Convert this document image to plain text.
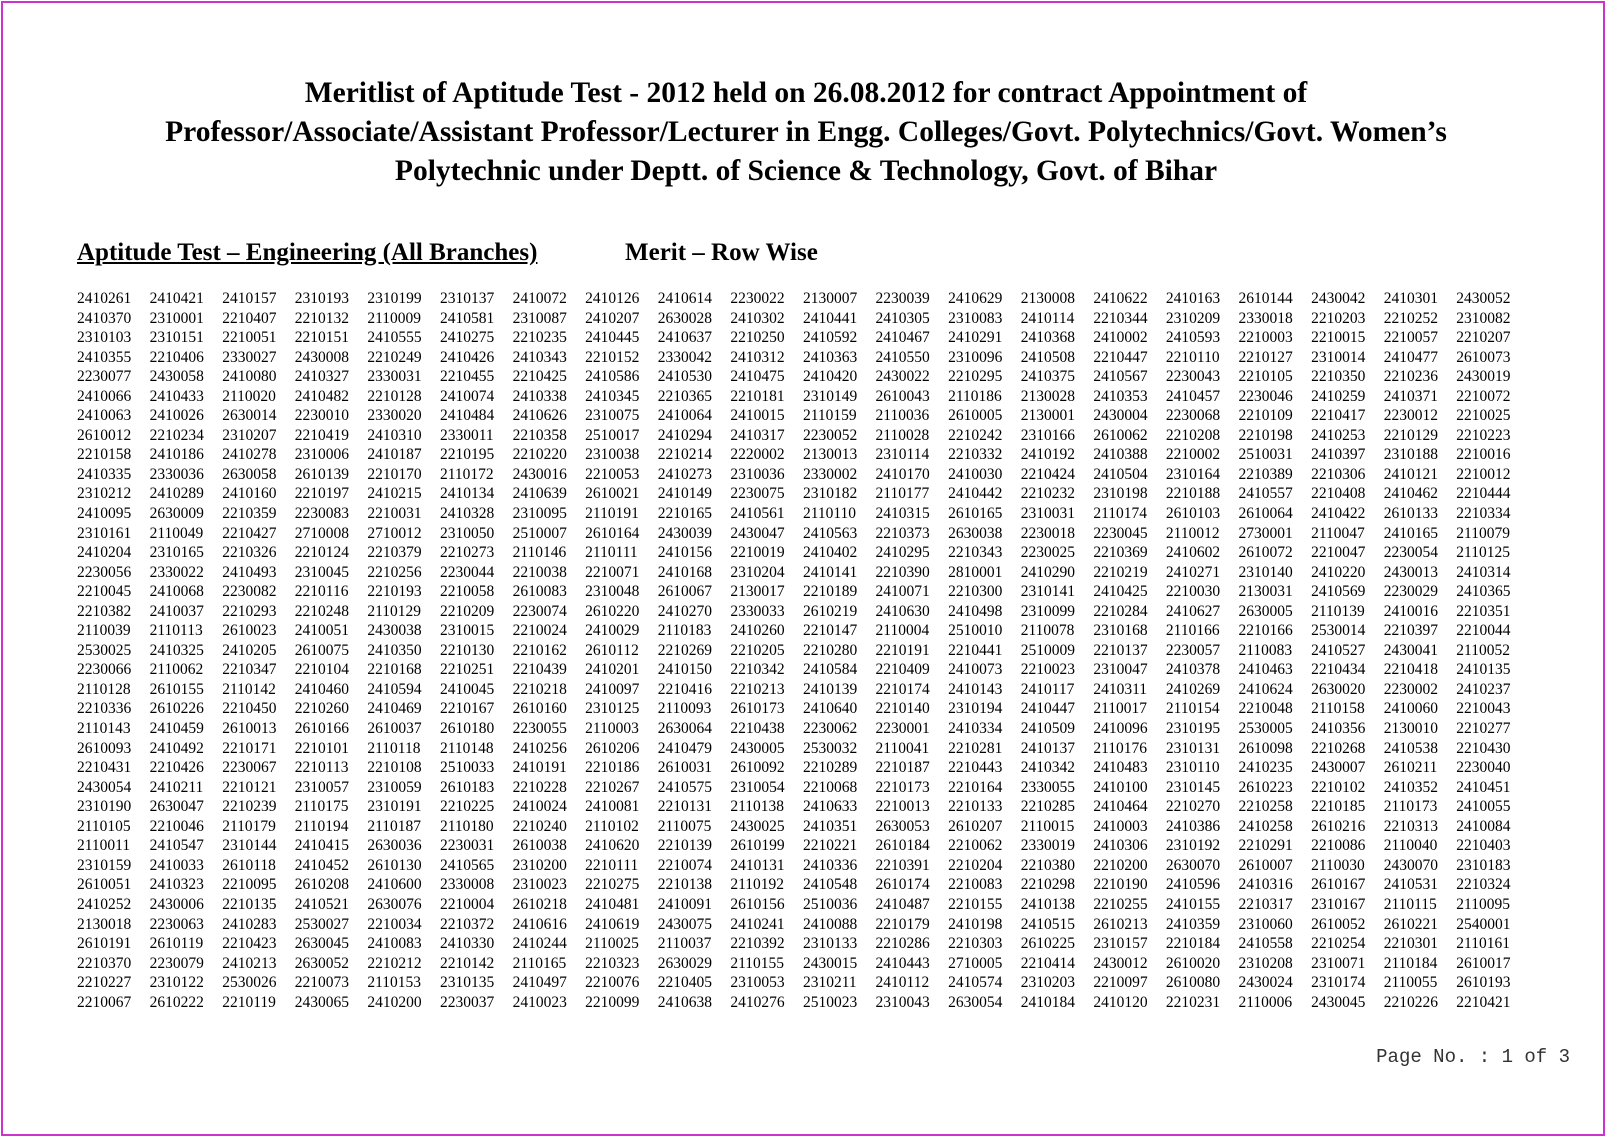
Meritlist of Aptitude Test - 2012 held on 26.08.2012 for contract Appointment of
Professor/Associate/Assistant Professor/Lecturer in Engg. Colleges/Govt. Polytechnics/Govt. Women’s
Polytechnic under Deptt. of Science & Technology, Govt. of Bihar
Aptitude Test – Engineering (All Branches)	Merit – Row Wise
2410261	2410421	2410157	2310193	2310199	2310137	2410072	2410126	2410614	2230022	2130007	2230039	2410629	2130008	2410622	2410163	2610144	2430042	2410301	2430052
2410370	2310001	2210407	2210132	2110009	2410581	2310087	2410207	2630028	2410302	2410441	2410305	2310083	2410114	2210344	2310209	2330018	2210203	2210252	2310082
2310103	2310151	2210051	2210151	2410555	2410275	2210235	2410445	2410637	2210250	2410592	2410467	2410291	2410368	2410002	2410593	2210003	2210015	2210057	2210207
2410355	2210406	2330027	2430008	2210249	2410426	2410343	2210152	2330042	2410312	2410363	2410550	2310096	2410508	2210447	2210110	2210127	2310014	2410477	2610073
2230077	2430058	2410080	2410327	2330031	2210455	2210425	2410586	2410530	2410475	2410420	2430022	2210295	2410375	2410567	2230043	2210105	2210350	2210236	2430019
2410066	2410433	2110020	2410482	2210128	2410074	2410338	2410345	2210365	2210181	2310149	2610043	2110186	2130028	2410353	2410457	2230046	2410259	2410371	2210072
2410063	2410026	2630014	2230010	2330020	2410484	2410626	2310075	2410064	2410015	2110159	2110036	2610005	2130001	2430004	2230068	2210109	2210417	2230012	2210025
2610012	2210234	2310207	2210419	2410310	2330011	2210358	2510017	2410294	2410317	2230052	2110028	2210242	2310166	2610062	2210208	2210198	2410253	2210129	2210223
2210158	2410186	2410278	2310006	2410187	2210195	2210220	2310038	2210214	2220002	2130013	2310114	2210332	2410192	2410388	2210002	2510031	2410397	2310188	2210016
2410335	2330036	2630058	2610139	2210170	2110172	2430016	2210053	2410273	2310036	2330002	2410170	2410030	2210424	2410504	2310164	2210389	2210306	2410121	2210012
2310212	2410289	2410160	2210197	2410215	2410134	2410639	2610021	2410149	2230075	2310182	2110177	2410442	2210232	2310198	2210188	2410557	2210408	2410462	2210444
2410095	2630009	2210359	2230083	2210031	2410328	2310095	2110191	2210165	2410561	2110110	2410315	2610165	2310031	2110174	2610103	2610064	2410422	2610133	2210334
2310161	2110049	2210427	2710008	2710012	2310050	2510007	2610164	2430039	2430047	2410563	2210373	2630038	2230018	2230045	2110012	2730001	2110047	2410165	2110079
2410204	2310165	2210326	2210124	2210379	2210273	2110146	2110111	2410156	2210019	2410402	2410295	2210343	2230025	2210369	2410602	2610072	2210047	2230054	2110125
2230056	2330022	2410493	2310045	2210256	2230044	2210038	2210071	2410168	2310204	2410141	2210390	2810001	2410290	2210219	2410271	2310140	2410220	2430013	2410314
2210045	2410068	2230082	2210116	2210193	2210058	2610083	2310048	2610067	2130017	2210189	2410071	2210300	2310141	2410425	2210030	2130031	2410569	2230029	2410365
2210382	2410037	2210293	2210248	2110129	2210209	2230074	2610220	2410270	2330033	2610219	2410630	2410498	2310099	2210284	2410627	2630005	2110139	2410016	2210351
2110039	2110113	2610023	2410051	2430038	2310015	2210024	2410029	2110183	2410260	2210147	2110004	2510010	2110078	2310168	2110166	2210166	2530014	2210397	2210044
2530025	2410325	2410205	2610075	2410350	2210130	2210162	2610112	2210269	2210205	2210280	2210191	2210441	2510009	2210137	2230057	2110083	2410527	2430041	2110052
2230066	2110062	2210347	2210104	2210168	2210251	2210439	2410201	2410150	2210342	2410584	2210409	2410073	2210023	2310047	2410378	2410463	2210434	2210418	2410135
2110128	2610155	2110142	2410460	2410594	2410045	2210218	2410097	2210416	2210213	2410139	2210174	2410143	2410117	2410311	2410269	2410624	2630020	2230002	2410237
2210336	2610226	2210450	2210260	2410469	2210167	2610160	2310125	2110093	2610173	2410640	2210140	2310194	2410447	2110017	2110154	2210048	2110158	2410060	2210043
2110143	2410459	2610013	2610166	2610037	2610180	2230055	2110003	2630064	2210438	2230062	2230001	2410334	2410509	2410096	2310195	2530005	2410356	2130010	2210277
2610093	2410492	2210171	2210101	2110118	2110148	2410256	2610206	2410479	2430005	2530032	2110041	2210281	2410137	2110176	2310131	2610098	2210268	2410538	2210430
2210431	2210426	2230067	2210113	2210108	2510033	2410191	2210186	2610031	2610092	2210289	2210187	2210443	2410342	2410483	2310110	2410235	2430007	2610211	2230040
2430054	2410211	2210121	2310057	2310059	2610183	2210228	2210267	2410575	2310054	2210068	2210173	2210164	2330055	2410100	2310145	2610223	2210102	2410352	2410451
2310190	2630047	2210239	2110175	2310191	2210225	2410024	2410081	2210131	2110138	2410633	2210013	2210133	2210285	2410464	2210270	2210258	2210185	2110173	2410055
2110105	2210046	2110179	2110194	2110187	2110180	2210240	2110102	2110075	2430025	2410351	2630053	2610207	2110015	2410003	2410386	2410258	2610216	2210313	2410084
2110011	2410547	2310144	2410415	2630036	2230031	2610038	2410620	2210139	2610199	2210221	2610184	2210062	2330019	2410306	2310192	2210291	2210086	2110040	2210403
2310159	2410033	2610118	2410452	2610130	2410565	2310200	2210111	2210074	2410131	2410336	2210391	2210204	2210380	2210200	2630070	2610007	2110030	2430070	2310183
2610051	2410323	2210095	2610208	2410600	2330008	2310023	2210275	2210138	2110192	2410548	2610174	2210083	2210298	2210190	2410596	2410316	2610167	2410531	2210324
2410252	2430006	2210135	2410521	2630076	2210004	2610218	2410481	2410091	2610156	2510036	2410487	2210155	2410138	2210255	2410155	2210317	2310167	2110115	2110095
2130018	2230063	2410283	2530027	2210034	2210372	2410616	2410619	2430075	2410241	2410088	2210179	2410198	2410515	2610213	2410359	2310060	2610052	2610221	2540001
2610191	2610119	2210423	2630045	2410083	2410330	2410244	2110025	2110037	2210392	2310133	2210286	2210303	2610225	2310157	2210184	2410558	2210254	2210301	2110161
2210370	2230079	2410213	2630052	2210212	2210142	2110165	2210323	2630029	2110155	2430015	2410443	2710005	2210414	2430012	2610020	2310208	2310071	2110184	2610017
2210227	2310122	2530026	2210073	2110153	2310135	2410497	2210076	2210405	2310053	2310211	2410112	2410574	2310203	2210097	2610080	2430024	2310174	2110055	2610193
2210067	2610222	2210119	2430065	2410200	2230037	2410023	2210099	2410638	2410276	2510023	2310043	2630054	2410184	2410120	2210231	2110006	2430045	2210226	2210421
Page No. : 1 of 3
